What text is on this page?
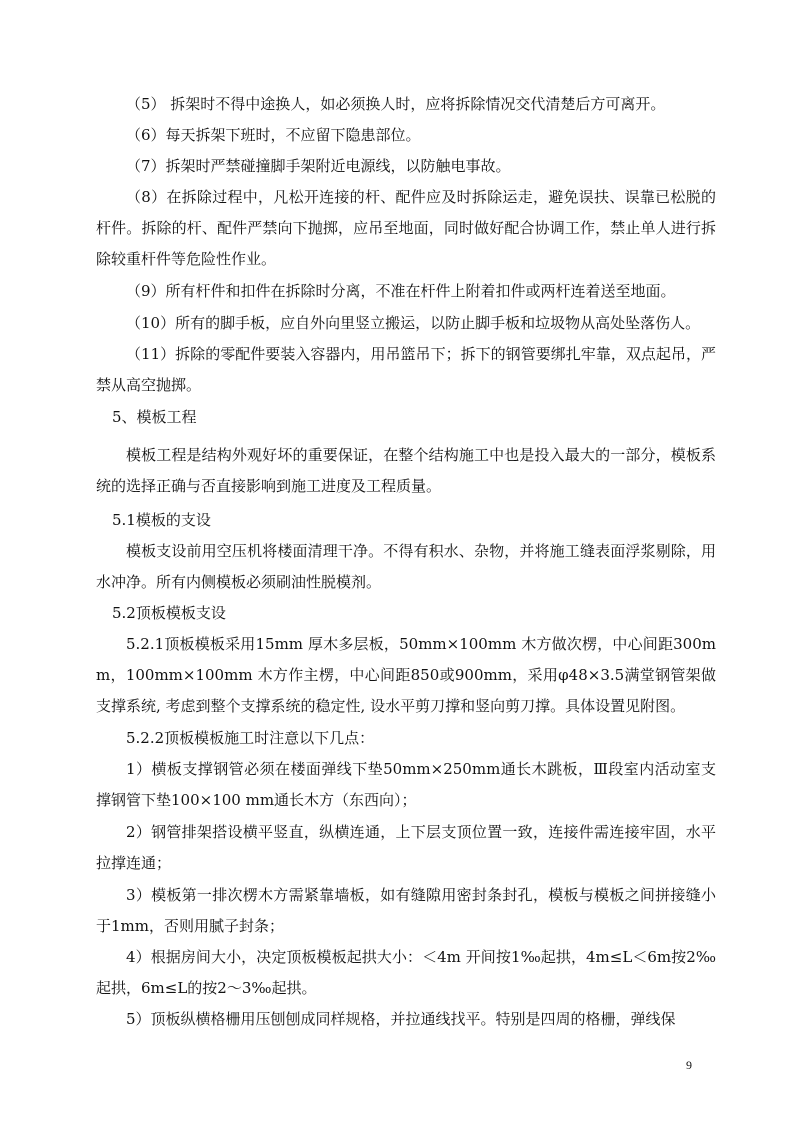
（5） 拆架时不得中途换人，如必须换人时，应将拆除情况交代清楚后方可离开。

（6）每天拆架下班时，不应留下隐患部位。

（7）拆架时严禁碰撞脚手架附近电源线，以防触电事故。

（8）在拆除过程中，凡松开连接的杆、配件应及时拆除运走，避免误扶、误靠已松脱的杆件。拆除的杆、配件严禁向下抛掷，应吊至地面，同时做好配合协调工作，禁止单人进行拆除较重杆件等危险性作业。

（9）所有杆件和扣件在拆除时分离，不准在杆件上附着扣件或两杆连着送至地面。

（10）所有的脚手板，应自外向里竖立搬运，以防止脚手板和垃圾物从高处坠落伤人。

（11）拆除的零配件要装入容器内，用吊篮吊下；拆下的钢管要绑扎牢靠，双点起吊，严禁从高空抛掷。

5、模板工程

模板工程是结构外观好坏的重要保证，在整个结构施工中也是投入最大的一部分，模板系统的选择正确与否直接影响到施工进度及工程质量。

5.1模板的支设

模板支设前用空压机将楼面清理干净。不得有积水、杂物，并将施工缝表面浮浆剔除，用水冲净。所有内侧模板必须刷油性脱模剂。

5.2顶板模板支设

5.2.1顶板模板采用15mm 厚木多层板，50mm×100mm 木方做次楞，中心间距300mm，100mm×100mm 木方作主楞，中心间距850或900mm，采用φ48×3.5满堂钢管架做支撑系统, 考虑到整个支撑系统的稳定性, 设水平剪刀撑和竖向剪刀撑。具体设置见附图。

5.2.2顶板模板施工时注意以下几点：

1）横板支撑钢管必须在楼面弹线下垫50mm×250mm通长木跳板，Ⅲ段室内活动室支撑钢管下垫100×100 mm通长木方（东西向）；

2）钢管排架搭设横平竖直，纵横连通，上下层支顶位置一致，连接件需连接牢固，水平拉撑连通；

3）模板第一排次楞木方需紧靠墙板，如有缝隙用密封条封孔，模板与模板之间拼接缝小于1mm，否则用腻子封条；

4）根据房间大小，决定顶板模板起拱大小：＜4m 开间按1‰起拱，4m≤L＜6m按2‰起拱，6m≤L的按2～3‰起拱。

5）顶板纵横格栅用压刨刨成同样规格，并拉通线找平。特别是四周的格栅，弹线保

9
